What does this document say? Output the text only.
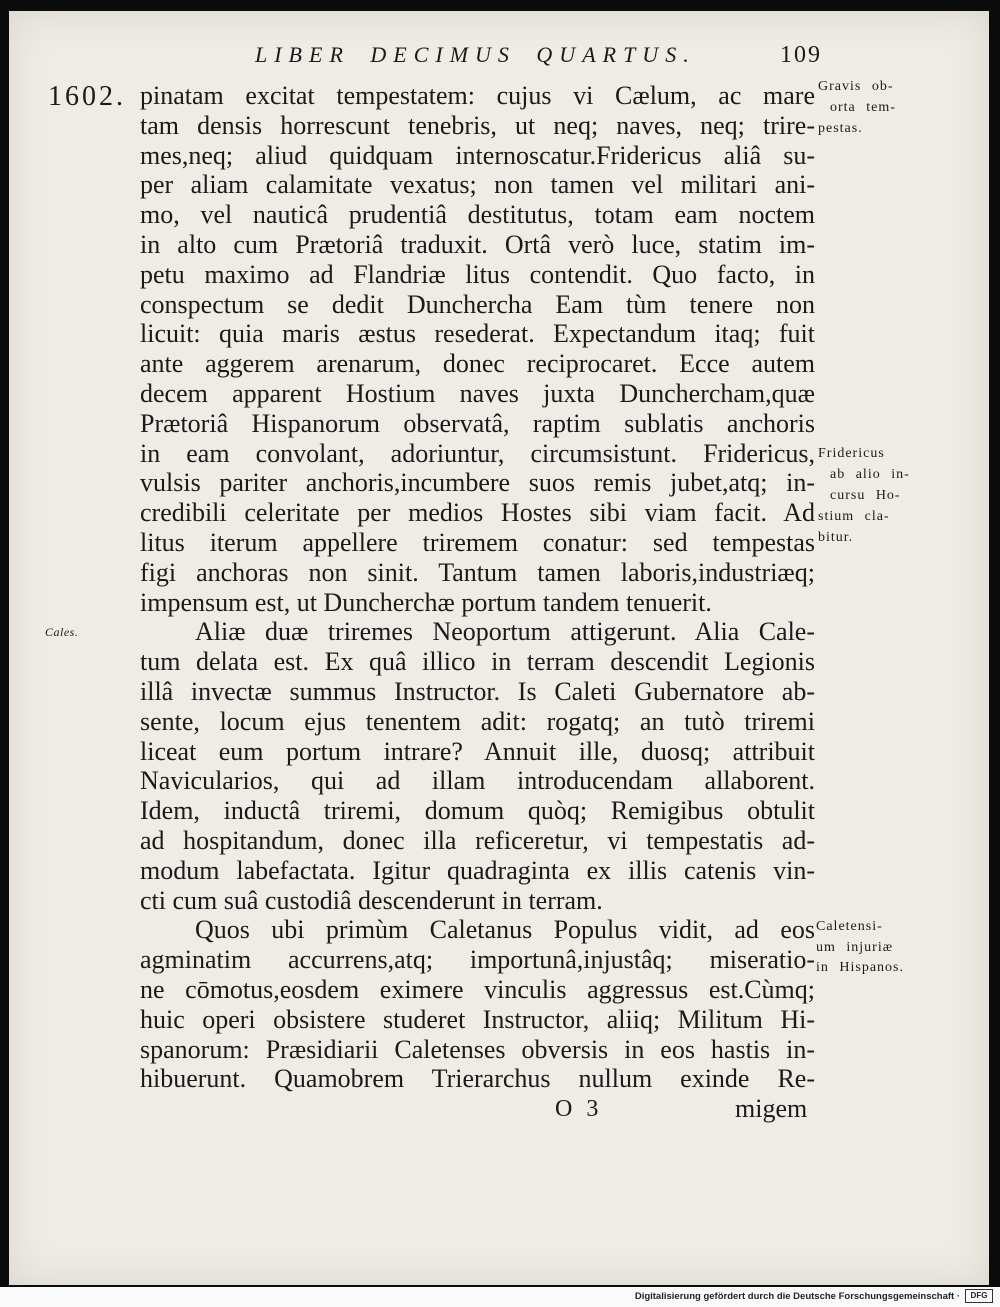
LIBER DECIMUS QUARTUS.	109
1602. pinatam excitat tempestatem: cujus vi Cælum, ac mare
tam densis horrescunt tenebris, ut neq; naves, neq; trire-
mes,neq; aliud quidquam internoscatur.Fridericus aliâ su-
per aliam calamitate vexatus; non tamen vel militari ani-
mo, vel nauticâ prudentiâ destitutus, totam eam noctem
in alto cum Prætoriâ traduxit. Ortâ verò luce, statim im-
petu maximo ad Flandriæ litus contendit. Quo facto, in
conspectum se dedit Dunchercha Eam tùm tenere non
licuit: quia maris æstus resederat. Expectandum itaq; fuit
ante aggerem arenarum, donec reciprocaret. Ecce autem
decem apparent Hostium naves juxta Dunchercham,quæ
Prætoriâ Hispanorum observatâ, raptim sublatis anchoris
in eam convolant, adoriuntur, circumsistunt. Fridericus,
vulsis pariter anchoris,incumbere suos remis jubet,atq; in-
credibili celeritate per medios Hostes sibi viam facit. Ad
litus iterum appellere triremem conatur: sed tempestas
figi anchoras non sinit. Tantum tamen laboris,industriæq;
impensum est, ut Duncherchæ portum tandem tenuerit.
Aliæ duæ triremes Neoportum attigerunt. Alia Cale-
tum delata est. Ex quâ illico in terram descendit Legionis
illâ invectæ summus Instructor. Is Caleti Gubernatore ab-
sente, locum ejus tenentem adit: rogatq; an tutò triremi
liceat eum portum intrare? Annuit ille, duosq; attribuit
Navicularios, qui ad illam introducendam allaborent.
Idem, inductâ triremi, domum quòq; Remigibus obtulit
ad hospitandum, donec illa reficeretur, vi tempestatis ad-
modum labefactata. Igitur quadraginta ex illis catenis vin-
cti cum suâ custodiâ descenderunt in terram.
Quos ubi primùm Caletanus Populus vidit, ad eos
agminatim accurrens,atq; importunâ,injustâq; miseratio-
ne cōmotus,eosdem eximere vinculis aggressus est.Cùmq;
huic operi obsistere studeret Instructor, aliiq; Militum Hi-
spanorum: Præsidiarii Caletenses obversis in eos hastis in-
hibuerunt. Quamobrem Trierarchus nullum exinde Re-
Gravis ob-
orta tem-
pestas.
Fridericus
ab alio in-
cursu Ho-
stium cla-
bitur.
Caletensi-
um injuriæ
in Hispanos.
Cales.
O 3	migem
Digitalisierung gefördert durch die Deutsche Forschungsgemeinschaft ·	DFG
